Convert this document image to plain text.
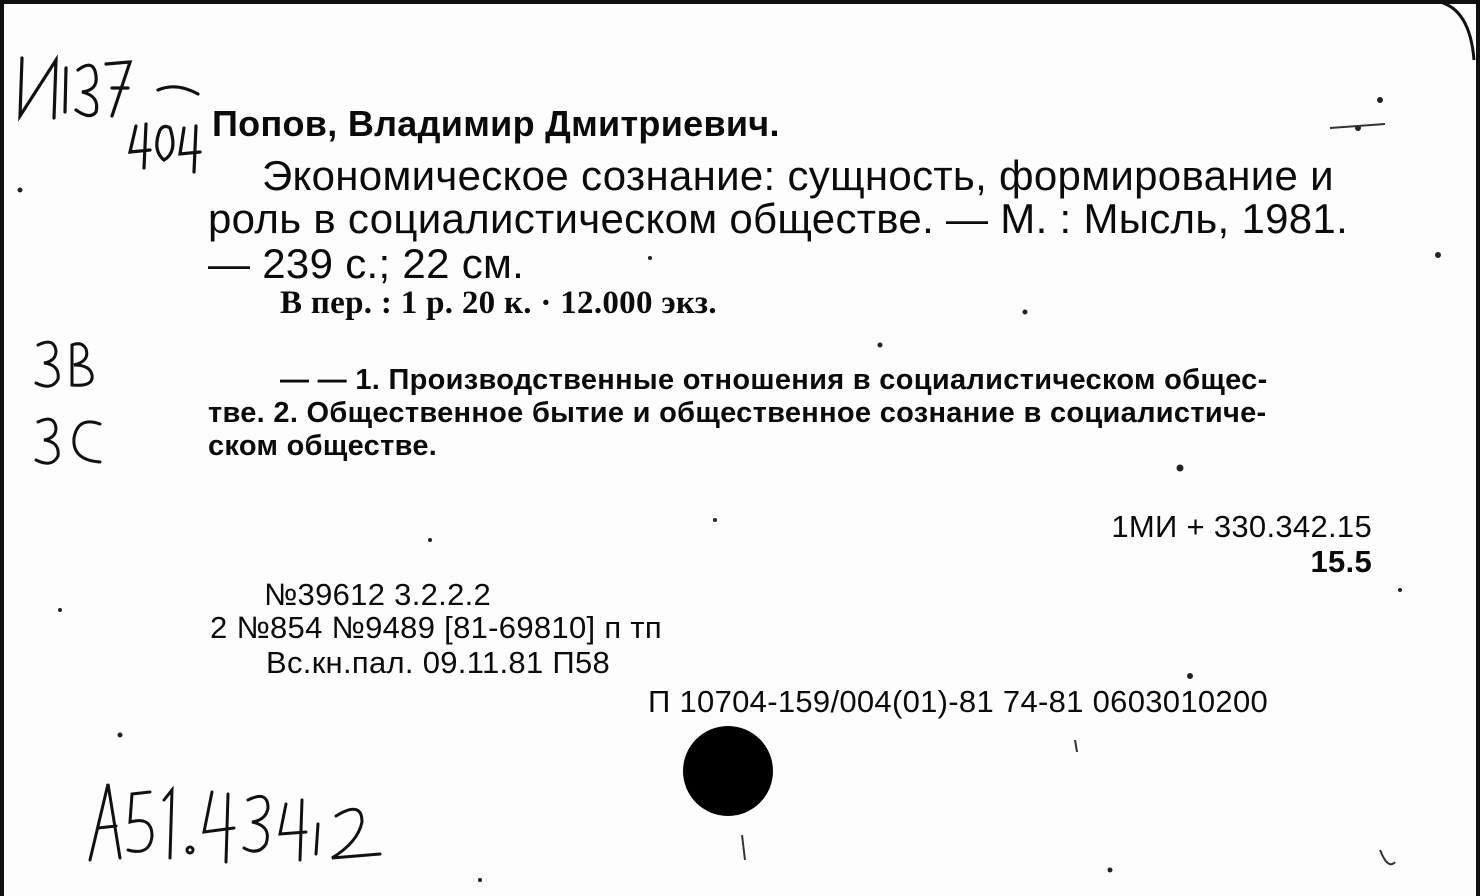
Попов, Владимир Дмитриевич.
Экономическое сознание: сущность, формирование и
роль в социалистическом обществе. — М. : Мысль, 1981.
— 239 с.; 22 см.
В пер. : 1 р. 20 к. · 12.000 экз.
— — 1. Производственные отношения в социалистическом общес-
тве. 2. Общественное бытие и общественное сознание в социалистиче-
ском обществе.
1МИ + 330.342.15
15.5
№39612 3.2.2.2
2 №854 №9489 [81-69810] п тп
Вс.кн.пал. 09.11.81 П58
П 10704-159/004(01)-81 74-81 0603010200
